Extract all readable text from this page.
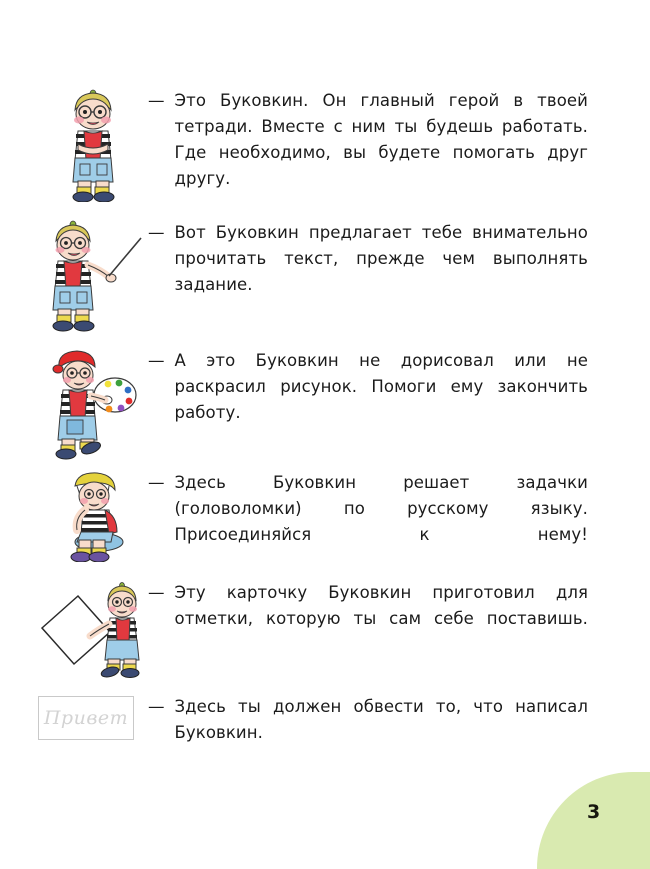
— Это Буковкин. Он главный герой в твоей тетради. Вместе с ним ты будешь работать. Где необходимо, вы будете помогать друг другу.

— Вот Буковкин предлагает тебе внимательно прочитать текст, прежде чем выполнять задание.

— А это Буковкин не дорисовал или не раскрасил рисунок. Помоги ему закончить работу.

— Здесь Буковкин решает задачки (головоломки) по русскому языку. Присоединяйся к нему!

— Эту карточку Буковкин приготовил для отметки, которую ты сам себе поставишь.

Привет
— Здесь ты должен обвести то, что написал Буковкин.

3
